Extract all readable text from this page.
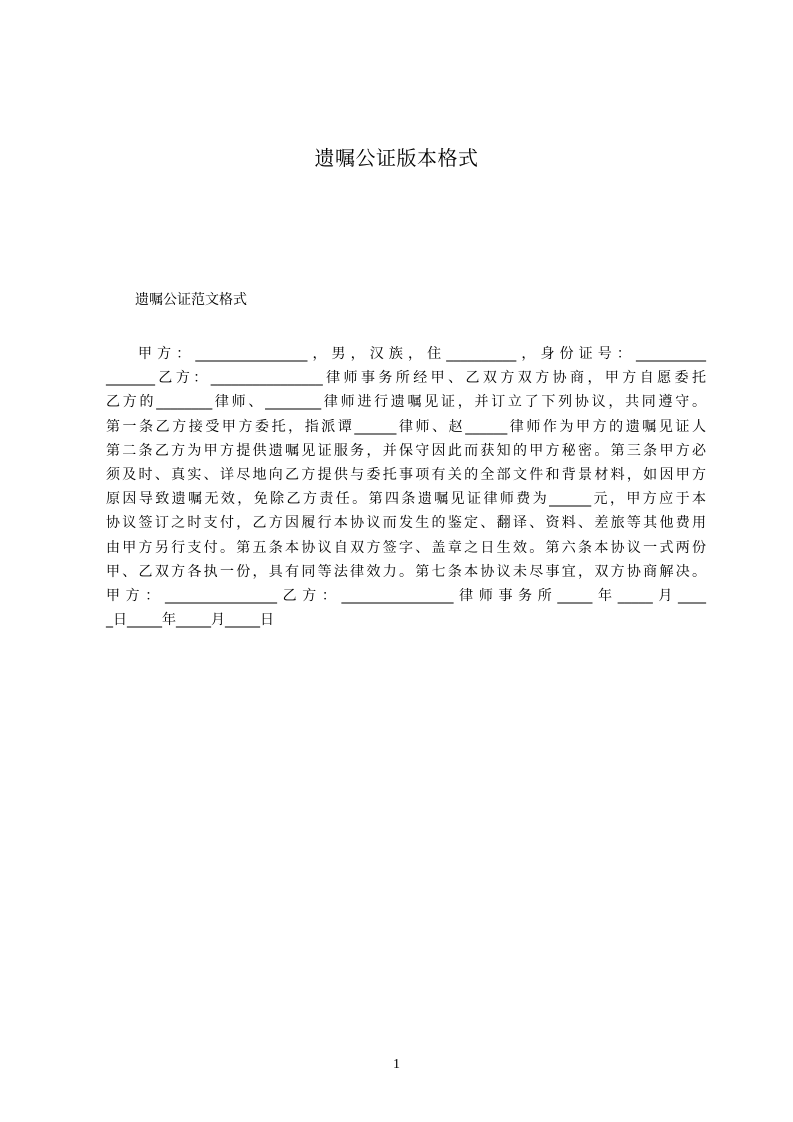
遗嘱公证版本格式
遗嘱公证范文格式
甲方：________________，男，汉族，住__________，身份证号：__________
_______乙方：________________律师事务所经甲、乙双方双方协商，甲方自愿委托
乙方的________律师、________律师进行遗嘱见证，并订立了下列协议，共同遵守。
第一条乙方接受甲方委托，指派谭______律师、赵______律师作为甲方的遗嘱见证人
第二条乙方为甲方提供遗嘱见证服务，并保守因此而获知的甲方秘密。第三条甲方必
须及时、真实、详尽地向乙方提供与委托事项有关的全部文件和背景材料，如因甲方
原因导致遗嘱无效，免除乙方责任。第四条遗嘱见证律师费为______元，甲方应于本
协议签订之时支付，乙方因履行本协议而发生的鉴定、翻译、资料、差旅等其他费用
由甲方另行支付。第五条本协议自双方签字、盖章之日生效。第六条本协议一式两份
甲、乙双方各执一份，具有同等法律效力。第七条本协议未尽事宜，双方协商解决。
甲方：________________乙方：________________律师事务所_____年_____月____
_日_____年_____月_____日
1
